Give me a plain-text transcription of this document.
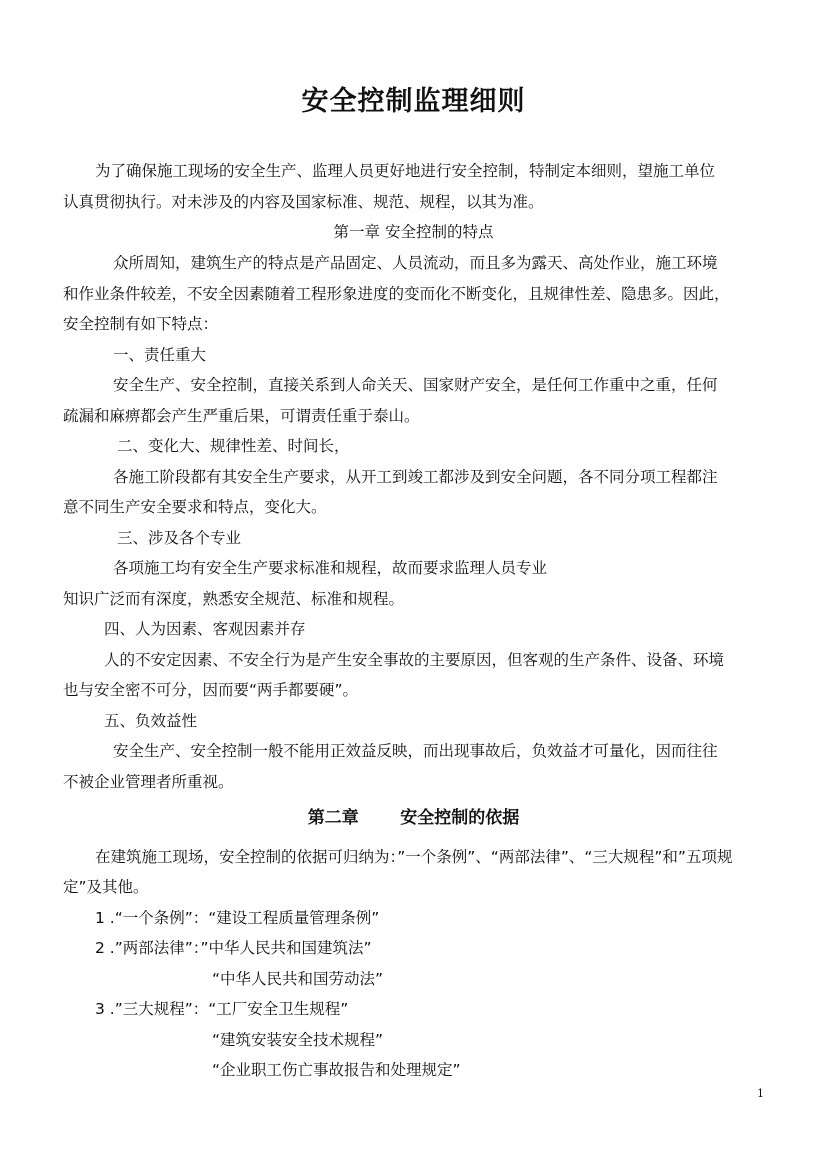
安全控制监理细则
为了确保施工现场的安全生产、监理人员更好地进行安全控制，特制定本细则，望施工单位
认真贯彻执行。对未涉及的内容及国家标准、规范、规程，以其为准。
第一章 安全控制的特点
众所周知，建筑生产的特点是产品固定、人员流动，而且多为露天、高处作业，施工环境
和作业条件较差，不安全因素随着工程形象进度的变而化不断变化，且规律性差、隐患多。因此，
安全控制有如下特点：
一、责任重大
安全生产、安全控制，直接关系到人命关天、国家财产安全，是任何工作重中之重，任何
疏漏和麻痹都会产生严重后果，可谓责任重于泰山。
二、变化大、规律性差、时间长，
各施工阶段都有其安全生产要求，从开工到竣工都涉及到安全问题，各不同分项工程都注
意不同生产安全要求和特点，变化大。
三、涉及各个专业
各项施工均有安全生产要求标准和规程，故而要求监理人员专业
知识广泛而有深度，熟悉安全规范、标准和规程。
四、人为因素、客观因素并存
人的不安定因素、不安全行为是产生安全事故的主要原因，但客观的生产条件、设备、环境
也与安全密不可分，因而要“两手都要硬”。
五、负效益性
安全生产、安全控制一般不能用正效益反映，而出现事故后，负效益才可量化，因而往往
不被企业管理者所重视。
第二章       安全控制的依据
在建筑施工现场，安全控制的依据可归纳为：”一个条例”、“两部法律”、“三大规程”和”五项规
定”及其他。
1 .“一个条例”：“建设工程质量管理条例”
2 .”两部法律”：”中华人民共和国建筑法”
“中华人民共和国劳动法”
3 .”三大规程”：“工厂安全卫生规程”
“建筑安装安全技术规程”
“企业职工伤亡事故报告和处理规定”
1
